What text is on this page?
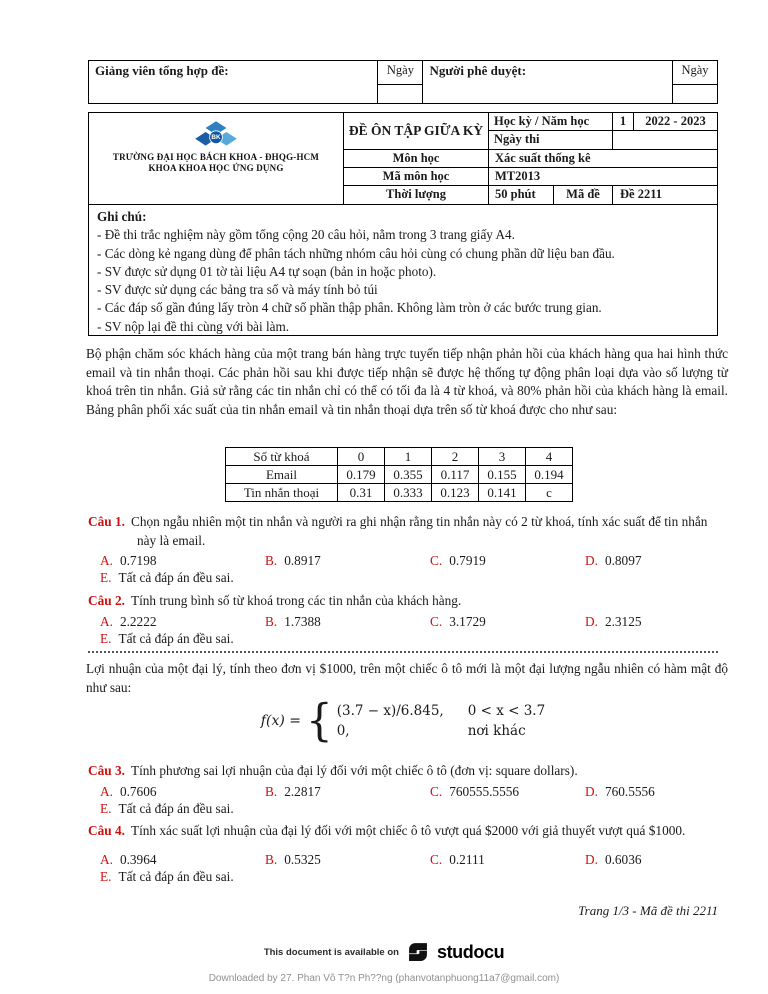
Giảng viên tổng hợp đề:	Ngày	Người phê duyệt:	Ngày

BK
TRƯỜNG ĐẠI HỌC BÁCH KHOA - ĐHQG-HCM
KHOA KHOA HỌC ỨNG DỤNG
ĐỀ ÔN TẬP GIỮA KỲ
Học kỳ / Năm học	1	2022 - 2023
Ngày thi
Môn học	Xác suất thống kê
Mã môn học	MT2013
Thời lượng	50 phút	Mã đề	Đề 2211
Ghi chú:
- Đề thi trắc nghiệm này gồm tổng cộng 20 câu hỏi, nằm trong 3 trang giấy A4.
- Các dòng kẻ ngang dùng để phân tách những nhóm câu hỏi cùng có chung phần dữ liệu ban đầu.
- SV được sử dụng 01 tờ tài liệu A4 tự soạn (bản in hoặc photo).
- SV được sử dụng các bảng tra số và máy tính bỏ túi
- Các đáp số gần đúng lấy tròn 4 chữ số phần thập phân. Không làm tròn ở các bước trung gian.
- SV nộp lại đề thi cùng với bài làm.
Bộ phận chăm sóc khách hàng của một trang bán hàng trực tuyến tiếp nhận phản hồi của khách hàng qua hai hình thức email và tin nhắn thoại. Các phản hồi sau khi được tiếp nhận sẽ được hệ thống tự động phân loại dựa vào số lượng từ khoá trên tin nhắn. Giả sử rằng các tin nhắn chỉ có thể có tối đa là 4 từ khoá, và 80% phản hồi của khách hàng là email. Bảng phân phối xác suất của tin nhắn email và tin nhắn thoại dựa trên số từ khoá được cho như sau:
Số từ khoá	0	1	2	3	4
Email	0.179	0.355	0.117	0.155	0.194
Tin nhắn thoại	0.31	0.333	0.123	0.141	c
Câu 1. Chọn ngẫu nhiên một tin nhắn và người ra ghi nhận rằng tin nhắn này có 2 từ khoá, tính xác suất để tin nhắn này là email.
A. 0.7198	B. 0.8917	C. 0.7919	D. 0.8097
E. Tất cả đáp án đều sai.
Câu 2. Tính trung bình số từ khoá trong các tin nhắn của khách hàng.
A. 2.2222	B. 1.7388	C. 3.1729	D. 2.3125
E. Tất cả đáp án đều sai.
Lợi nhuận của một đại lý, tính theo đơn vị $1000, trên một chiếc ô tô mới là một đại lượng ngẫu nhiên có hàm mật độ như sau:
f(x) = { (3.7 − x)/6.845, 0 < x < 3.7
0,	nơi khác
Câu 3. Tính phương sai lợi nhuận của đại lý đối với một chiếc ô tô (đơn vị: square dollars).
A. 0.7606	B. 2.2817	C. 760555.5556	D. 760.5556
E. Tất cả đáp án đều sai.
Câu 4. Tính xác suất lợi nhuận của đại lý đối với một chiếc ô tô vượt quá $2000 với giả thuyết vượt quá $1000.
A. 0.3964	B. 0.5325	C. 0.2111	D. 0.6036
E. Tất cả đáp án đều sai.
Trang 1/3 - Mã đề thi 2211
This document is available on studocu
Downloaded by 27. Phan Võ T?n Ph??ng (phanvotanphuong11a7@gmail.com)
